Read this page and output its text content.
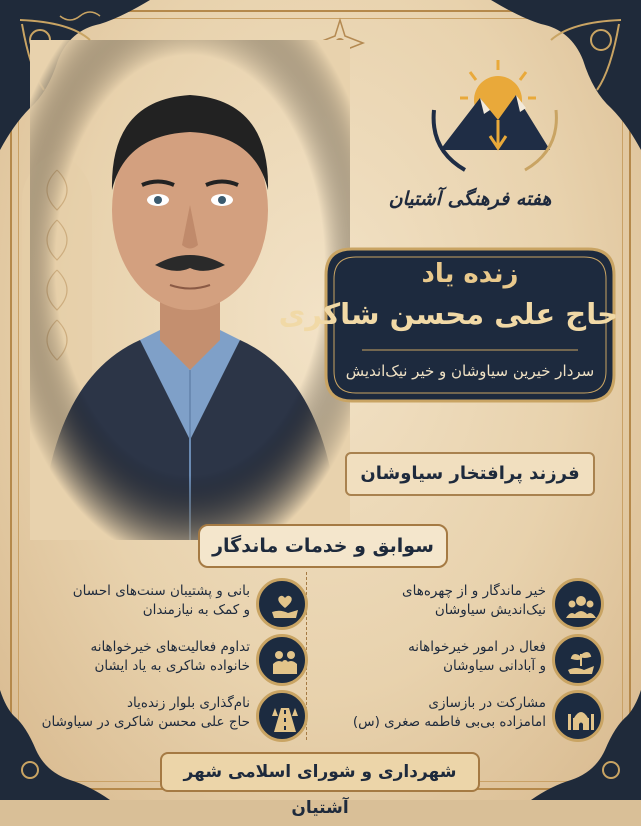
هفته فرهنگی آشتیان
زنده یاد
حاج علی محسن شاکری
سردار خیرین سیاوشان و خیر نیک‌اندیش
فرزند پرافتخار سیاوشان
سوابق و خدمات ماندگار
خیر ماندگار و از چهره‌های
نیک‌اندیش سیاوشان
فعال در امور خیرخواهانه
و آبادانی سیاوشان
مشارکت در بازسازی
امامزاده بی‌بی فاطمه صغری (س)
بانی و پشتیبان سنت‌های احسان
و کمک به نیازمندان
تداوم فعالیت‌های خیرخواهانه
خانواده شاکری به یاد ایشان
نام‌گذاری بلوار زنده‌یاد
حاج علی محسن شاکری در سیاوشان
شهرداری و شورای اسلامی شهر آشتیان
